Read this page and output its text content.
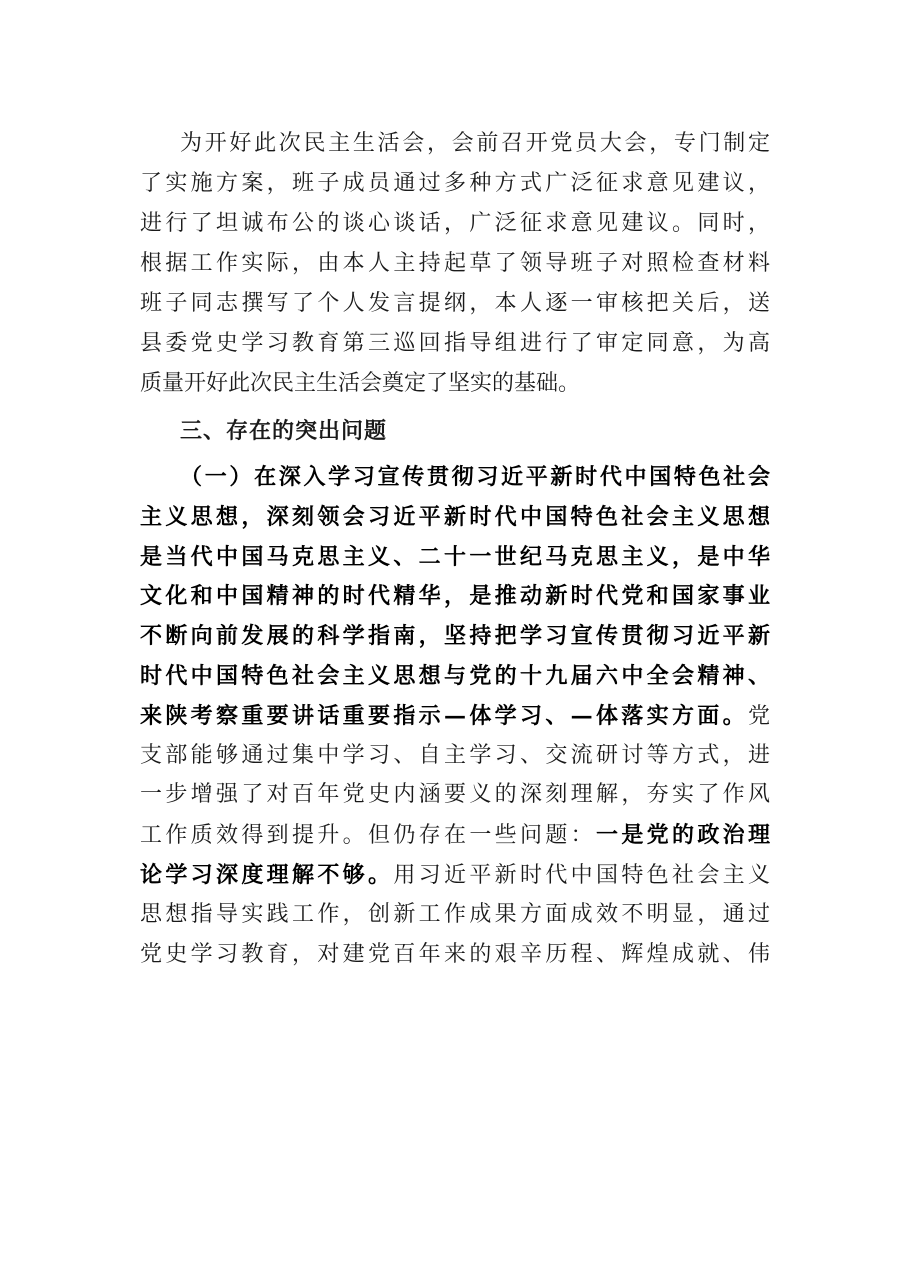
为开好此次民主生活会，会前召开党员大会，专门制定
了实施方案，班子成员通过多种方式广泛征求意见建议，
进行了坦诚布公的谈心谈话，广泛征求意见建议。同时，
根据工作实际，由本人主持起草了领导班子对照检查材料
班子同志撰写了个人发言提纲，本人逐一审核把关后，送
县委党史学习教育第三巡回指导组进行了审定同意，为高
质量开好此次民主生活会奠定了坚实的基础。
三、存在的突出问题
（一）在深入学习宣传贯彻习近平新时代中国特色社会
主义思想，深刻领会习近平新时代中国特色社会主义思想
是当代中国马克思主义、二十一世纪马克思主义，是中华
文化和中国精神的时代精华，是推动新时代党和国家事业
不断向前发展的科学指南，坚持把学习宣传贯彻习近平新
时代中国特色社会主义思想与党的十九届六中全会精神、
来陕考察重要讲话重要指示—体学习、—体落实方面。党
支部能够通过集中学习、自主学习、交流研讨等方式，进
一步增强了对百年党史内涵要义的深刻理解，夯实了作风
工作质效得到提升。但仍存在一些问题：一是党的政治理
论学习深度理解不够。用习近平新时代中国特色社会主义
思想指导实践工作，创新工作成果方面成效不明显，通过
党史学习教育，对建党百年来的艰辛历程、辉煌成就、伟
